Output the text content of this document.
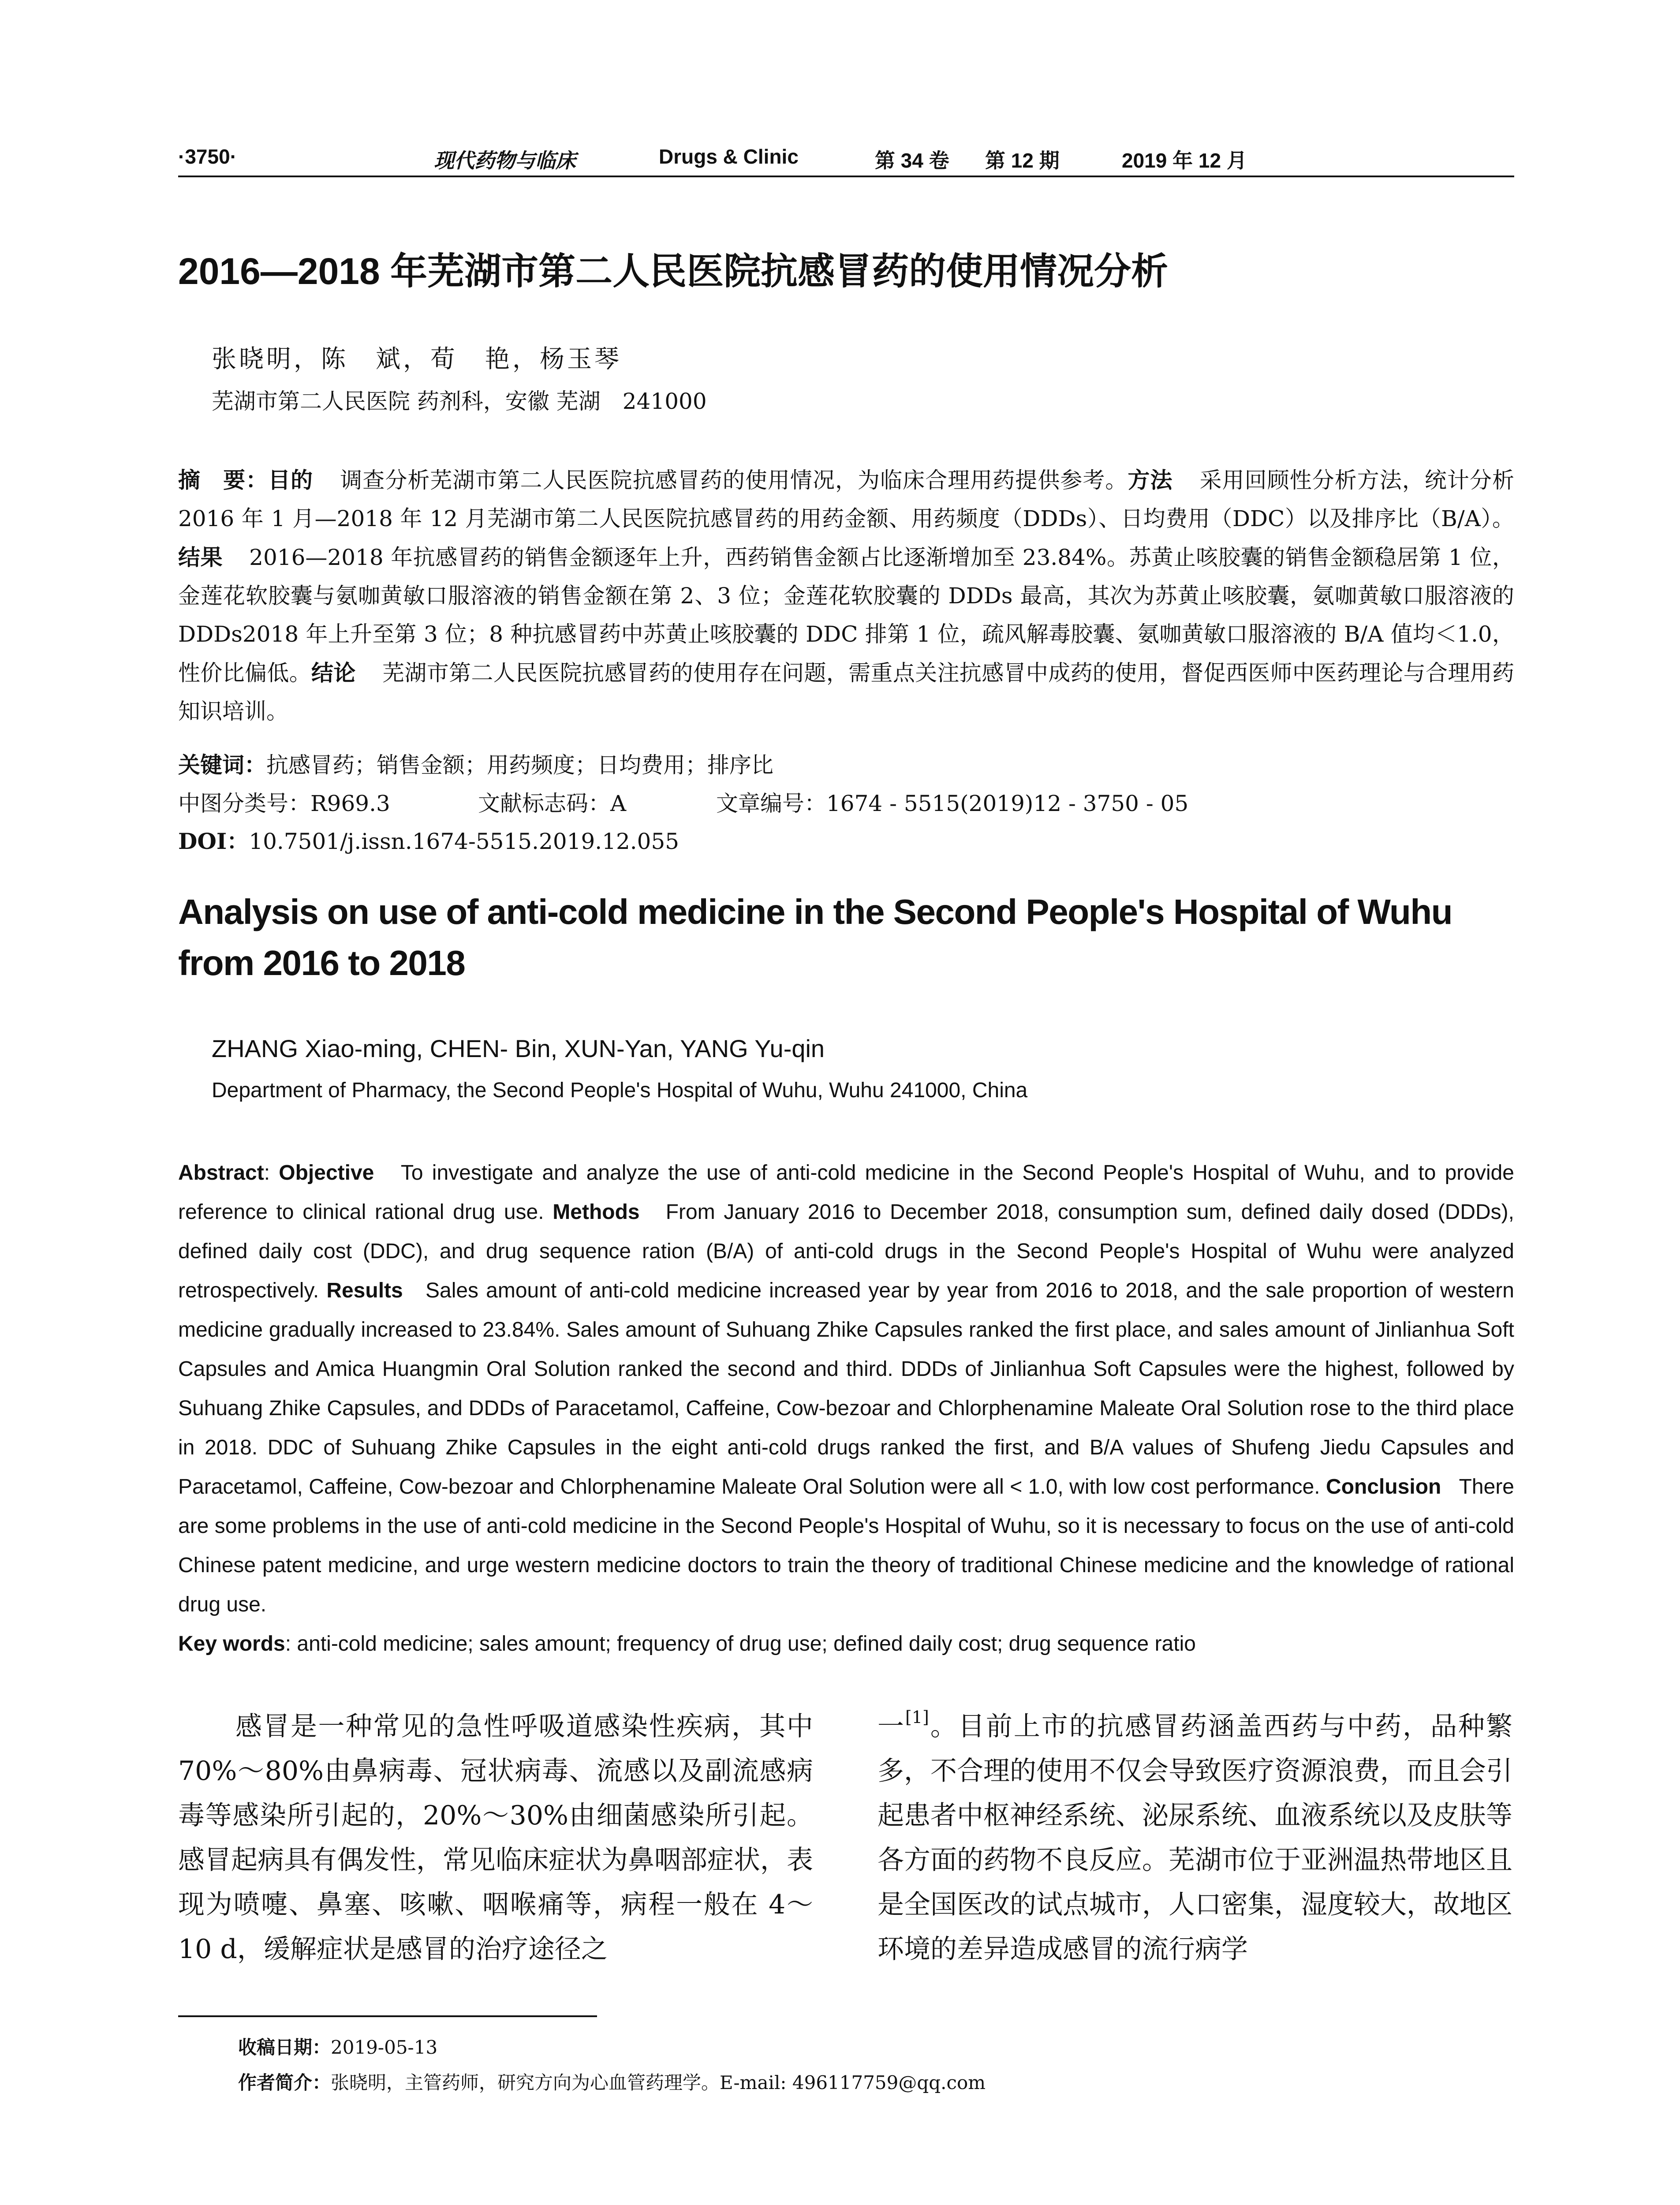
·3750·	现代药物与临床	Drugs & Clinic	第 34 卷 第 12 期	2019 年 12 月
2016—2018 年芜湖市第二人民医院抗感冒药的使用情况分析
张晓明，陈　斌，荀　艳，杨玉琴
芜湖市第二人民医院 药剂科，安徽 芜湖　241000
摘　要：目的 调查分析芜湖市第二人民医院抗感冒药的使用情况，为临床合理用药提供参考。方法 采用回顾性分析方法，统计分析 2016 年 1 月—2018 年 12 月芜湖市第二人民医院抗感冒药的用药金额、用药频度（DDDs）、日均费用（DDC）以及排序比（B/A）。结果 2016—2018 年抗感冒药的销售金额逐年上升，西药销售金额占比逐渐增加至 23.84%。苏黄止咳胶囊的销售金额稳居第 1 位，金莲花软胶囊与氨咖黄敏口服溶液的销售金额在第 2、3 位；金莲花软胶囊的 DDDs 最高，其次为苏黄止咳胶囊，氨咖黄敏口服溶液的 DDDs2018 年上升至第 3 位；8 种抗感冒药中苏黄止咳胶囊的 DDC 排第 1 位，疏风解毒胶囊、氨咖黄敏口服溶液的 B/A 值均＜1.0，性价比偏低。结论 芜湖市第二人民医院抗感冒药的使用存在问题，需重点关注抗感冒中成药的使用，督促西医师中医药理论与合理用药知识培训。
关键词：抗感冒药；销售金额；用药频度；日均费用；排序比
中图分类号：R969.3	文献标志码：A	文章编号：1674 - 5515(2019)12 - 3750 - 05
DOI：10.7501/j.issn.1674-5515.2019.12.055
Analysis on use of anti-cold medicine in the Second People's Hospital of Wuhu from 2016 to 2018
ZHANG Xiao-ming, CHEN- Bin, XUN-Yan, YANG Yu-qin
Department of Pharmacy, the Second People's Hospital of Wuhu, Wuhu 241000, China
Abstract: Objective To investigate and analyze the use of anti-cold medicine in the Second People's Hospital of Wuhu, and to provide reference to clinical rational drug use. Methods From January 2016 to December 2018, consumption sum, defined daily dosed (DDDs), defined daily cost (DDC), and drug sequence ration (B/A) of anti-cold drugs in the Second People's Hospital of Wuhu were analyzed retrospectively. Results Sales amount of anti-cold medicine increased year by year from 2016 to 2018, and the sale proportion of western medicine gradually increased to 23.84%. Sales amount of Suhuang Zhike Capsules ranked the first place, and sales amount of Jinlianhua Soft Capsules and Amica Huangmin Oral Solution ranked the second and third. DDDs of Jinlianhua Soft Capsules were the highest, followed by Suhuang Zhike Capsules, and DDDs of Paracetamol, Caffeine, Cow-bezoar and Chlorphenamine Maleate Oral Solution rose to the third place in 2018. DDC of Suhuang Zhike Capsules in the eight anti-cold drugs ranked the first, and B/A values of Shufeng Jiedu Capsules and Paracetamol, Caffeine, Cow-bezoar and Chlorphenamine Maleate Oral Solution were all < 1.0, with low cost performance. Conclusion There are some problems in the use of anti-cold medicine in the Second People's Hospital of Wuhu, so it is necessary to focus on the use of anti-cold Chinese patent medicine, and urge western medicine doctors to train the theory of traditional Chinese medicine and the knowledge of rational drug use.
Key words: anti-cold medicine; sales amount; frequency of drug use; defined daily cost; drug sequence ratio

感冒是一种常见的急性呼吸道感染性疾病，其中 70%～80%由鼻病毒、冠状病毒、流感以及副流感病毒等感染所引起的，20%～30%由细菌感染所引起。感冒起病具有偶发性，常见临床症状为鼻咽部症状，表现为喷嚏、鼻塞、咳嗽、咽喉痛等，病程一般在 4～10 d，缓解症状是感冒的治疗途径之

一[1]。目前上市的抗感冒药涵盖西药与中药，品种繁多，不合理的使用不仅会导致医疗资源浪费，而且会引起患者中枢神经系统、泌尿系统、血液系统以及皮肤等各方面的药物不良反应。芜湖市位于亚洲温热带地区且是全国医改的试点城市，人口密集，湿度较大，故地区环境的差异造成感冒的流行病学

收稿日期：2019-05-13
作者简介：张晓明，主管药师，研究方向为心血管药理学。E-mail: 496117759@qq.com
